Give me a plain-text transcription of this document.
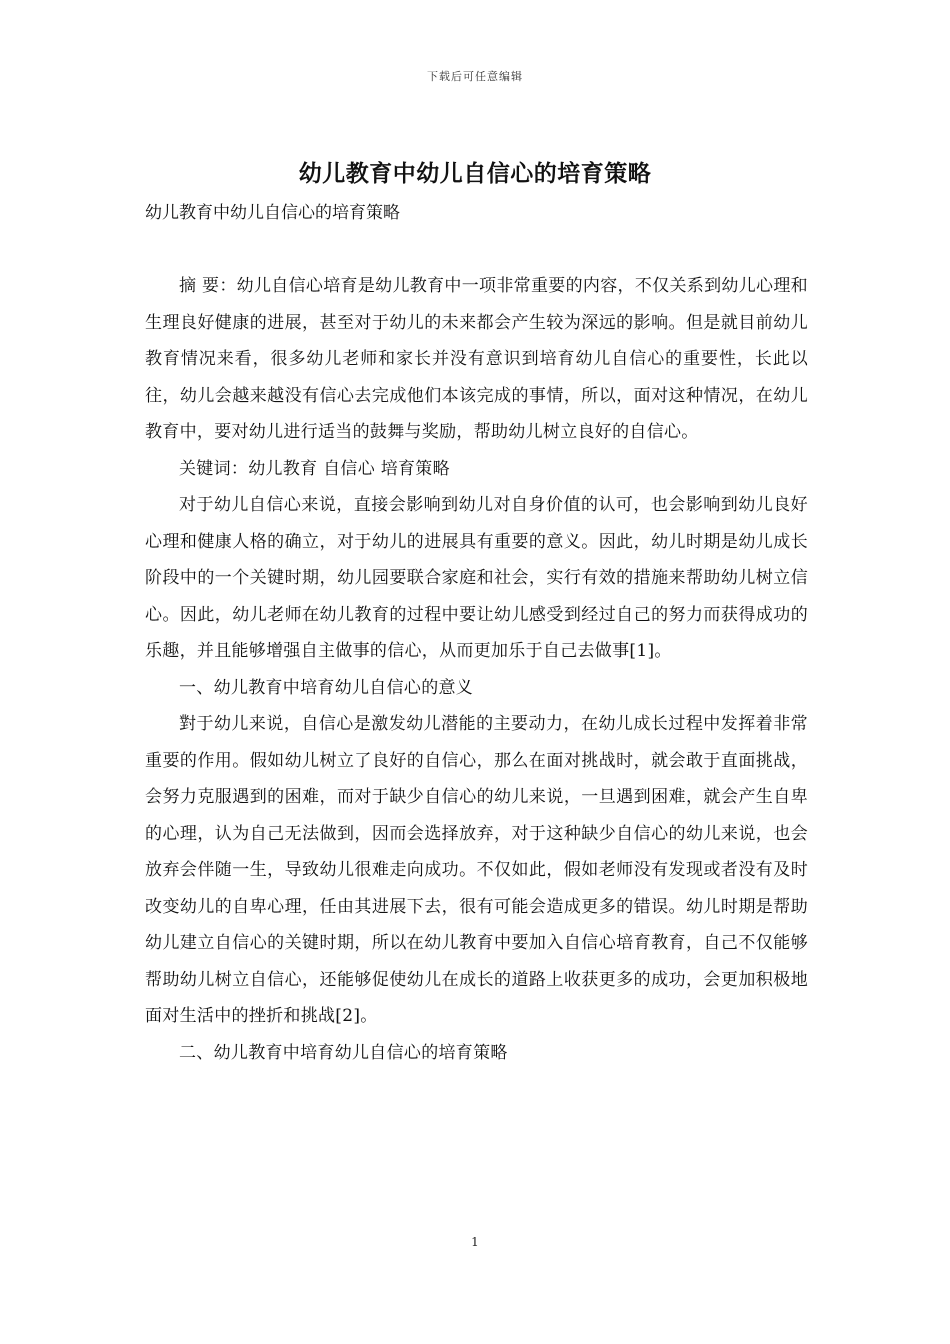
下载后可任意编辑
幼儿教育中幼儿自信心的培育策略

幼儿教育中幼儿自信心的培育策略

摘 要：幼儿自信心培育是幼儿教育中一项非常重要的内容，不仅关系到幼儿心理和生理良好健康的进展，甚至对于幼儿的未来都会产生较为深远的影响。但是就目前幼儿教育情况来看，很多幼儿老师和家长并没有意识到培育幼儿自信心的重要性，长此以往，幼儿会越来越没有信心去完成他们本该完成的事情，所以，面对这种情况，在幼儿教育中，要对幼儿进行适当的鼓舞与奖励，帮助幼儿树立良好的自信心。

关键词：幼儿教育 自信心 培育策略

对于幼儿自信心来说，直接会影响到幼儿对自身价值的认可，也会影响到幼儿良好心理和健康人格的确立，对于幼儿的进展具有重要的意义。因此，幼儿时期是幼儿成长阶段中的一个关键时期，幼儿园要联合家庭和社会，实行有效的措施来帮助幼儿树立信心。因此，幼儿老师在幼儿教育的过程中要让幼儿感受到经过自己的努力而获得成功的乐趣，并且能够增强自主做事的信心，从而更加乐于自己去做事[1]。

一、幼儿教育中培育幼儿自信心的意义

對于幼儿来说，自信心是激发幼儿潜能的主要动力，在幼儿成长过程中发挥着非常重要的作用。假如幼儿树立了良好的自信心，那么在面对挑战时，就会敢于直面挑战，会努力克服遇到的困难，而对于缺少自信心的幼儿来说，一旦遇到困难，就会产生自卑的心理，认为自己无法做到，因而会选择放弃，对于这种缺少自信心的幼儿来说，也会放弃会伴随一生，导致幼儿很难走向成功。不仅如此，假如老师没有发现或者没有及时改变幼儿的自卑心理，任由其进展下去，很有可能会造成更多的错误。幼儿时期是帮助幼儿建立自信心的关键时期，所以在幼儿教育中要加入自信心培育教育，自己不仅能够帮助幼儿树立自信心，还能够促使幼儿在成长的道路上收获更多的成功，会更加积极地面对生活中的挫折和挑战[2]。

二、幼儿教育中培育幼儿自信心的培育策略

1
